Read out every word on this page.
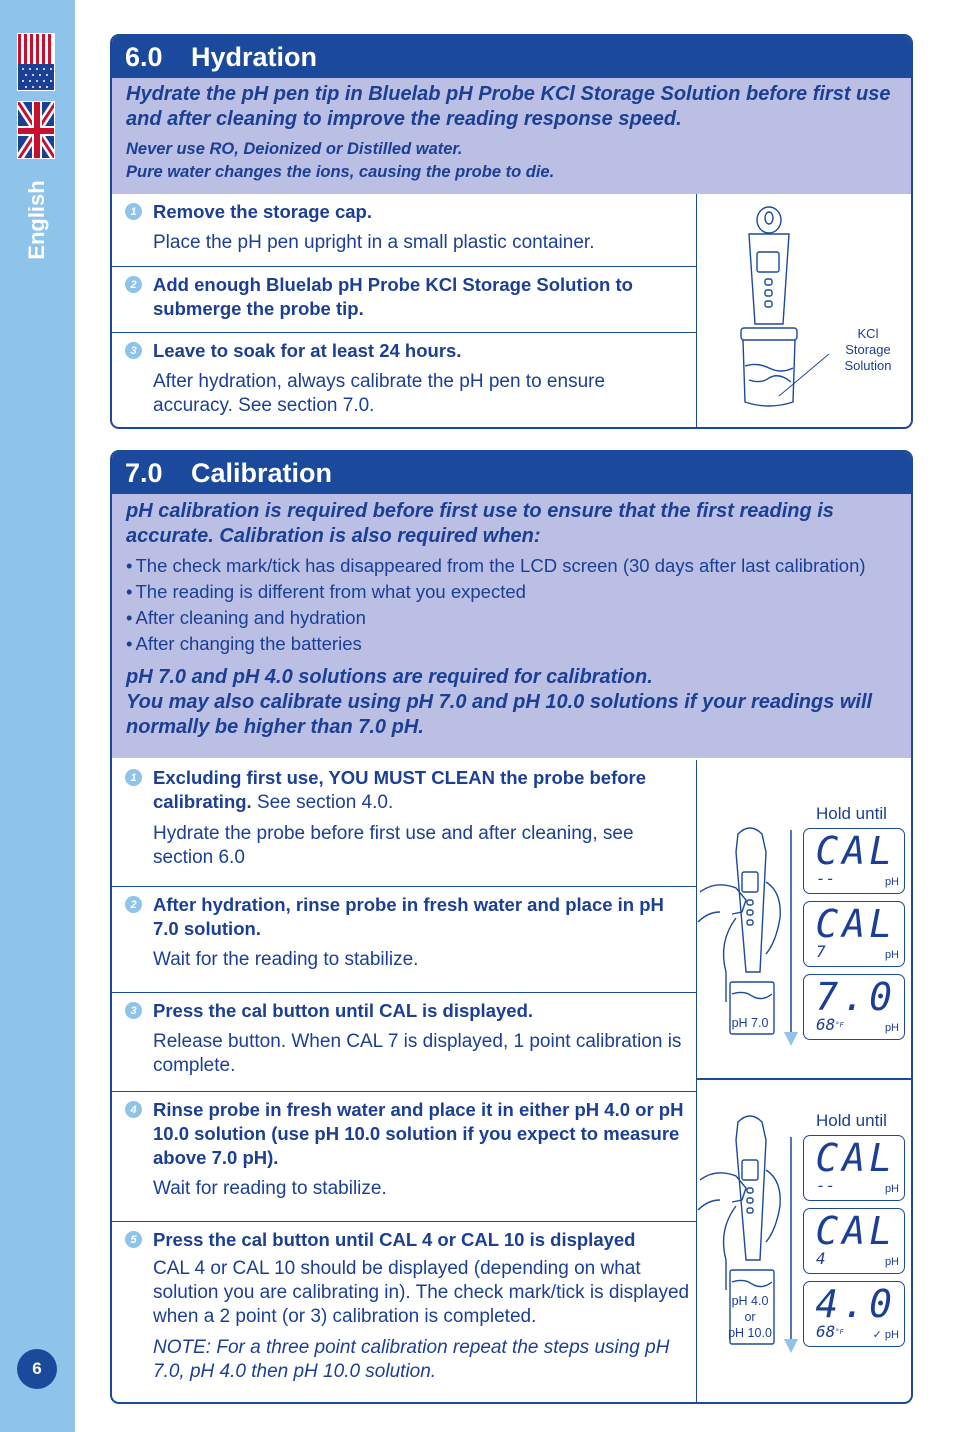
English
6
6.0 Hydration
Hydrate the pH pen tip in Bluelab pH Probe KCl Storage Solution before first use and after cleaning to improve the reading response speed.
Never use RO, Deionized or Distilled water.
Pure water changes the ions, causing the probe to die.
1 Remove the storage cap.
Place the pH pen upright in a small plastic container.
2 Add enough Bluelab pH Probe KCl Storage Solution to submerge the probe tip.
3 Leave to soak for at least 24 hours.
After hydration, always calibrate the pH pen to ensure accuracy. See section 7.0.
KCl
Storage
Solution
7.0 Calibration
pH calibration is required before first use to ensure that the first reading is accurate. Calibration is also required when:
• The check mark/tick has disappeared from the LCD screen (30 days after last calibration)
• The reading is different from what you expected
• After cleaning and hydration
• After changing the batteries
pH 7.0 and pH 4.0 solutions are required for calibration.
You may also calibrate using pH 7.0 and pH 10.0 solutions if your readings will normally be higher than 7.0 pH.
1 Excluding first use, YOU MUST CLEAN the probe before calibrating. See section 4.0.
Hydrate the probe before first use and after cleaning, see section 6.0
2 After hydration, rinse probe in fresh water and place in pH 7.0 solution.
Wait for the reading to stabilize.
3 Press the cal button until CAL is displayed.
Release button. When CAL 7 is displayed, 1 point calibration is complete.
4 Rinse probe in fresh water and place it in either pH 4.0 or pH 10.0 solution (use pH 10.0 solution if you expect to measure above 7.0 pH).
Wait for reading to stabilize.
5 Press the cal button until CAL 4 or CAL 10 is displayed
CAL 4 or CAL 10 should be displayed (depending on what solution you are calibrating in). The check mark/tick is displayed when a 2 point (or 3) calibration is completed.
NOTE: For a three point calibration repeat the steps using pH 7.0, pH 4.0 then pH 10.0 solution.
Hold until
pH 7.0
CAL
--	pH
CAL
7	pH
7.0
$68^{^\circ F}$	pH
Hold until
pH 4.0
or
pH 10.0
CAL
--	pH
CAL
4	pH
4.0
$68^{^\circ F}$	✓ pH
